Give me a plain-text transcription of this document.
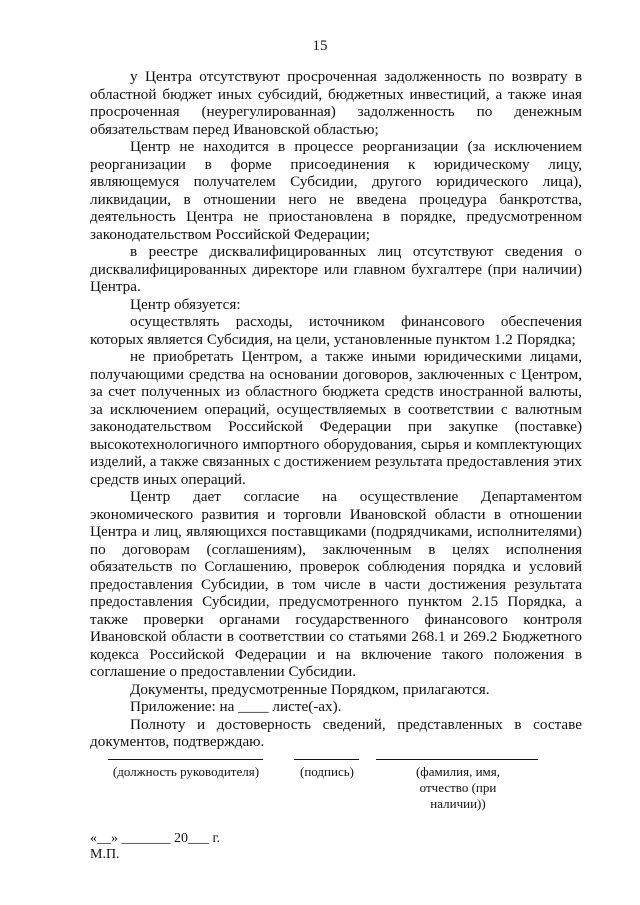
15

у Центра отсутствуют просроченная задолженность по возврату в областной бюджет иных субсидий, бюджетных инвестиций, а также иная просроченная (неурегулированная) задолженность по денежным обязательствам перед Ивановской областью;

Центр не находится в процессе реорганизации (за исключением реорганизации в форме присоединения к юридическому лицу, являющемуся получателем Субсидии, другого юридического лица), ликвидации, в отношении него не введена процедура банкротства, деятельность Центра не приостановлена в порядке, предусмотренном законодательством Российской Федерации;

в реестре дисквалифицированных лиц отсутствуют сведения о дисквалифицированных директоре или главном бухгалтере (при наличии) Центра.

Центр обязуется:

осуществлять расходы, источником финансового обеспечения которых является Субсидия, на цели, установленные пунктом 1.2 Порядка;

не приобретать Центром, а также иными юридическими лицами, получающими средства на основании договоров, заключенных с Центром, за счет полученных из областного бюджета средств иностранной валюты, за исключением операций, осуществляемых в соответствии с валютным законодательством Российской Федерации при закупке (поставке) высокотехнологичного импортного оборудования, сырья и комплектующих изделий, а также связанных с достижением результата предоставления этих средств иных операций.

Центр дает согласие на осуществление Департаментом экономического развития и торговли Ивановской области в отношении Центра и лиц, являющихся поставщиками (подрядчиками, исполнителями) по договорам (соглашениям), заключенным в целях исполнения обязательств по Соглашению, проверок соблюдения порядка и условий предоставления Субсидии, в том числе в части достижения результата предоставления Субсидии, предусмотренного пунктом 2.15 Порядка, а также проверки органами государственного финансового контроля Ивановской области в соответствии со статьями 268.1 и 269.2 Бюджетного кодекса Российской Федерации и на включение такого положения в соглашение о предоставлении Субсидии.

Документы, предусмотренные Порядком, прилагаются.

Приложение: на ____ листе(-ах).

Полноту и достоверность сведений, представленных в составе документов, подтверждаю.

(должность руководителя)	(подпись)	(фамилия, имя, отчество (при наличии))
«__» _______ 20___ г.
М.П.
